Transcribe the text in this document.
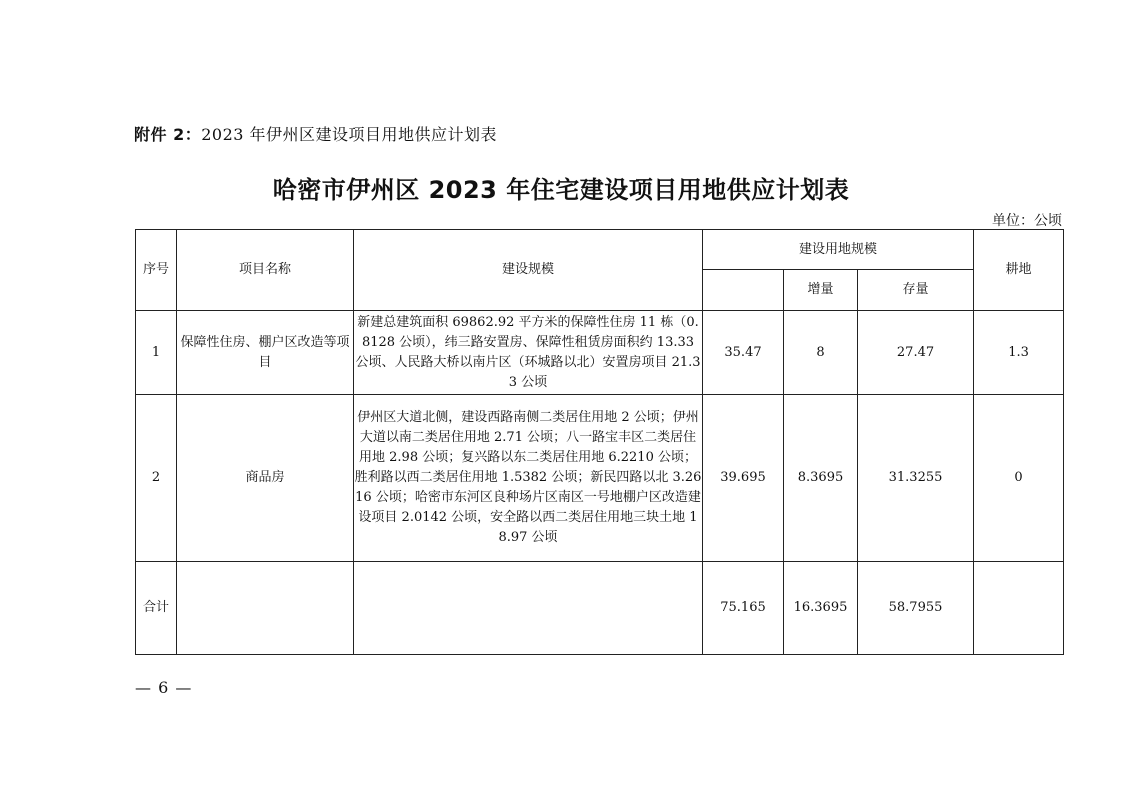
附件 2：2023 年伊州区建设项目用地供应计划表
哈密市伊州区 2023 年住宅建设项目用地供应计划表
单位：公顷
序号	项目名称	建设规模	建设用地规模			耕地
				增量	存量	
1	保障性住房、棚户区改造等项目	新建总建筑面积 69862.92 平方米的保障性住房 11 栋（0.8128 公顷），纬三路安置房、保障性租赁房面积约 13.33 公顷、人民路大桥以南片区（环城路以北）安置房项目 21.33 公顷	35.47	8	27.47	1.3
2	商品房	伊州区大道北侧，建设西路南侧二类居住用地 2 公顷；伊州大道以南二类居住用地 2.71 公顷；八一路宝丰区二类居住用地 2.98 公顷；复兴路以东二类居住用地 6.2210 公顷；胜利路以西二类居住用地 1.5382 公顷；新民四路以北 3.2616 公顷；哈密市东河区良种场片区南区一号地棚户区改造建设项目 2.0142 公顷，安全路以西二类居住用地三块土地 18.97 公顷	39.695	8.3695	31.3255	0
合计			75.165	16.3695	58.7955	
— 6 —
